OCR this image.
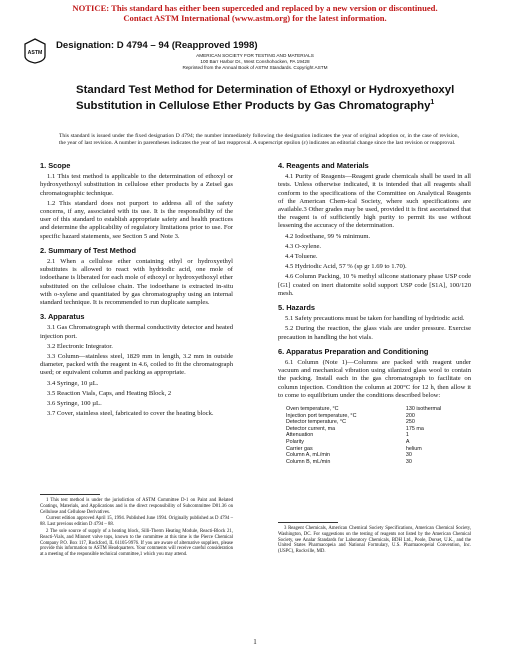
NOTICE: This standard has either been superceded and replaced by a new version or discontinued.
Contact ASTM International (www.astm.org) for the latest information.
ASTM
Designation: D 4794 – 94 (Reapproved 1998)
AMERICAN SOCIETY FOR TESTING AND MATERIALS
100 Barr Harbor Dr., West Conshohocken, PA 19428
Reprinted from the Annual Book of ASTM Standards. Copyright ASTM
Standard Test Method for Determination of Ethoxyl or Hydroxyethoxyl Substitution in Cellulose Ether Products by Gas Chromatography$^1$
This standard is issued under the fixed designation D 4794; the number immediately following the designation indicates the year of original adoption or, in the case of revision, the year of last revision. A number in parentheses indicates the year of last reapproval. A superscript epsilon (ε) indicates an editorial change since the last revision or reapproval.
1. Scope

1.1 This test method is applicable to the determination of ethoxyl or hydroxyethoxyl substitution in cellulose ether products by a Zeisel gas chromatographic technique.

1.2 This standard does not purport to address all of the safety concerns, if any, associated with its use. It is the responsibility of the user of this standard to establish appropriate safety and health practices and determine the applicability of regulatory limitations prior to use. For specific hazard statements, see Section 5 and Note 3.

2. Summary of Test Method

2.1 When a cellulose ether containing ethyl or hydroxyethyl substitutes is allowed to react with hydriodic acid, one mole of iodoethane is liberated for each mole of ethoxyl or hydroxyethoxyl ether substituted on the cellulose chain. The iodoethane is extracted in-situ with o-xylene and quantitated by gas chromatography using an internal standard technique. It is recommended to run duplicate samples.

3. Apparatus

3.1 Gas Chromatograph with thermal conductivity detector and heated injection port.

3.2 Electronic Integrator.

3.3 Column—stainless steel, 1829 mm in length, 3.2 mm in outside diameter, packed with the reagent in 4.6, coiled to fit the chromatograph used; or equivalent column and packing as appropriate.

3.4 Syringe, 10 µL.

3.5 Reaction Vials, Caps, and Heating Block, 2

3.6 Syringe, 100 µL.

3.7 Cover, stainless steel, fabricated to cover the heating block.

4. Reagents and Materials

4.1 Purity of Reagents—Reagent grade chemicals shall be used in all tests. Unless otherwise indicated, it is intended that all reagents shall conform to the specifications of the Committee on Analytical Reagents of the American Chem-ical Society, where such specifications are available.3 Other grades may be used, provided it is first ascertained that the reagent is of sufficiently high purity to permit its use without lessening the accuracy of the determination.

4.2 Iodoethane, 99 % minimum.

4.3 O-xylene.

4.4 Toluene.

4.5 Hydriodic Acid, 57 % (sp gr 1.69 to 1.70).

4.6 Column Packing, 10 % methyl silicone stationary phase USP code [G1] coated on inert diatomite solid support USP code [S1A], 100/120 mesh.

5. Hazards

5.1 Safety precautions must be taken for handling of hydriodic acid.

5.2 During the reaction, the glass vials are under pressure. Exercise precaution in handling the hot vials.

6. Apparatus Preparation and Conditioning

6.1 Column (Note 1)—Columns are packed with reagent under vacuum and mechanical vibration using silanized glass wool to contain the packing. Install each in the gas chromatograph to facilitate on column injection. Condition the column at 200°C for 12 h, then allow it to come to equilibrium under the conditions described below:

Oven temperature, °C	130 isothermal
Injection port temperature, °C	200
Detector temperature, °C	250
Detector current, ma	175 ma
Attenuation	1
Polarity	A
Carrier gas	helium
Column A, mL/min	30
Column B, mL/min	30

1 This test method is under the jurisdiction of ASTM Committee D-1 on Paint and Related Coatings, Materials, and Applications and is the direct responsibility of Subcommittee D01.36 on Cellulose and Cellulose Derivatives.

Current edition approved April 15, 1994. Published June 1994. Originally published as D 4794 – 88. Last previous edition D 4794 – 88.

2 The sole source of supply of a heating block, Silli-Therm Heating Module, Reacti-Block 21, Reacti-Vials, and Minnert valve tops, known to the committee at this time is the Pierce Chemical Company P.O. Box 117, Rockford, IL 61105-9976. If you are aware of alternative suppliers, please provide this information to ASTM Headquarters. Your comments will receive careful consideration at a meeting of the responsible technical committee,1 which you may attend.

3 Reagent Chemicals, American Chemical Society Specifications, American Chemical Society, Washington, DC. For suggestions on the testing of reagents not listed by the American Chemical Society, see Analar Standards for Laboratory Chemicals, BDH Ltd., Poole, Dorset, U.K., and the United States Pharmacopeia and National Formulary, U.S. Pharmaceopeial Convention, Inc. (USPC), Rockville, MD.

1
